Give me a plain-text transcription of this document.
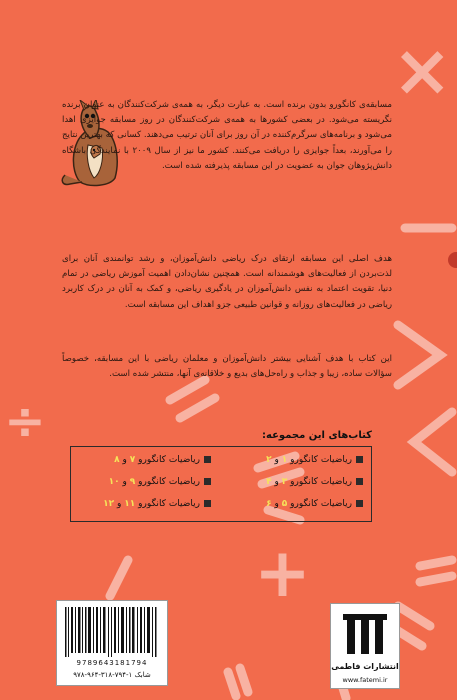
×
÷
+
مسابقه‌ی کانگورو بدون برنده است. به عبارت دیگر، به همه‌ی شرکت‌کنندگان به عنوان برنده نگریسته می‌شود. در بعضی کشورها به همه‌ی شرکت‌کنندگان در روز مسابقه جوایزی اهدا می‌شود و برنامه‌های سرگرم‌کننده در آن روز برای آنان ترتیب می‌دهند. کسانی که بهترین نتایج را می‌آورند، بعداً جوایزی را دریافت می‌کنند. کشور ما نیز از سال ۲۰۰۹ با نمایندگی باشگاه دانش‌پژوهان جوان به عضویت در این مسابقه پذیرفته شده است.
هدف اصلی این مسابقه ارتقای درک ریاضی دانش‌آموزان، و رشد توانمندی آنان برای لذت‌بردن از فعالیت‌های هوشمندانه است. همچنین نشان‌دادن اهمیت آموزش ریاضی در تمام دنیا، تقویت اعتماد به نفس دانش‌آموزان در یادگیری ریاضی، و کمک به آنان در درک کاربرد ریاضی در فعالیت‌های روزانه و قوانین طبیعی جزو اهداف این مسابقه است.
این کتاب با هدف آشنایی بیشتر دانش‌آموزان و معلمان ریاضی با این مسابقه، خصوصاً سؤالات ساده، زیبا و جذاب و راه‌حل‌های بدیع و خلاقانه‌ی آنها، منتشر شده است.
کتاب‌های این مجموعه:
ریاضیات کانگورو ۱ و ۲
ریاضیات کانگورو ۳ و ۴
ریاضیات کانگورو ۵ و ۶
ریاضیات کانگورو ۷ و ۸
ریاضیات کانگورو ۹ و ۱۰
ریاضیات کانگورو ۱۱ و ۱۲
9789643181794
شابک ۱-۷۹۴-۳۱۸-۹۶۴-۹۷۸
انتشارات فاطمی
www.fatemi.ir
